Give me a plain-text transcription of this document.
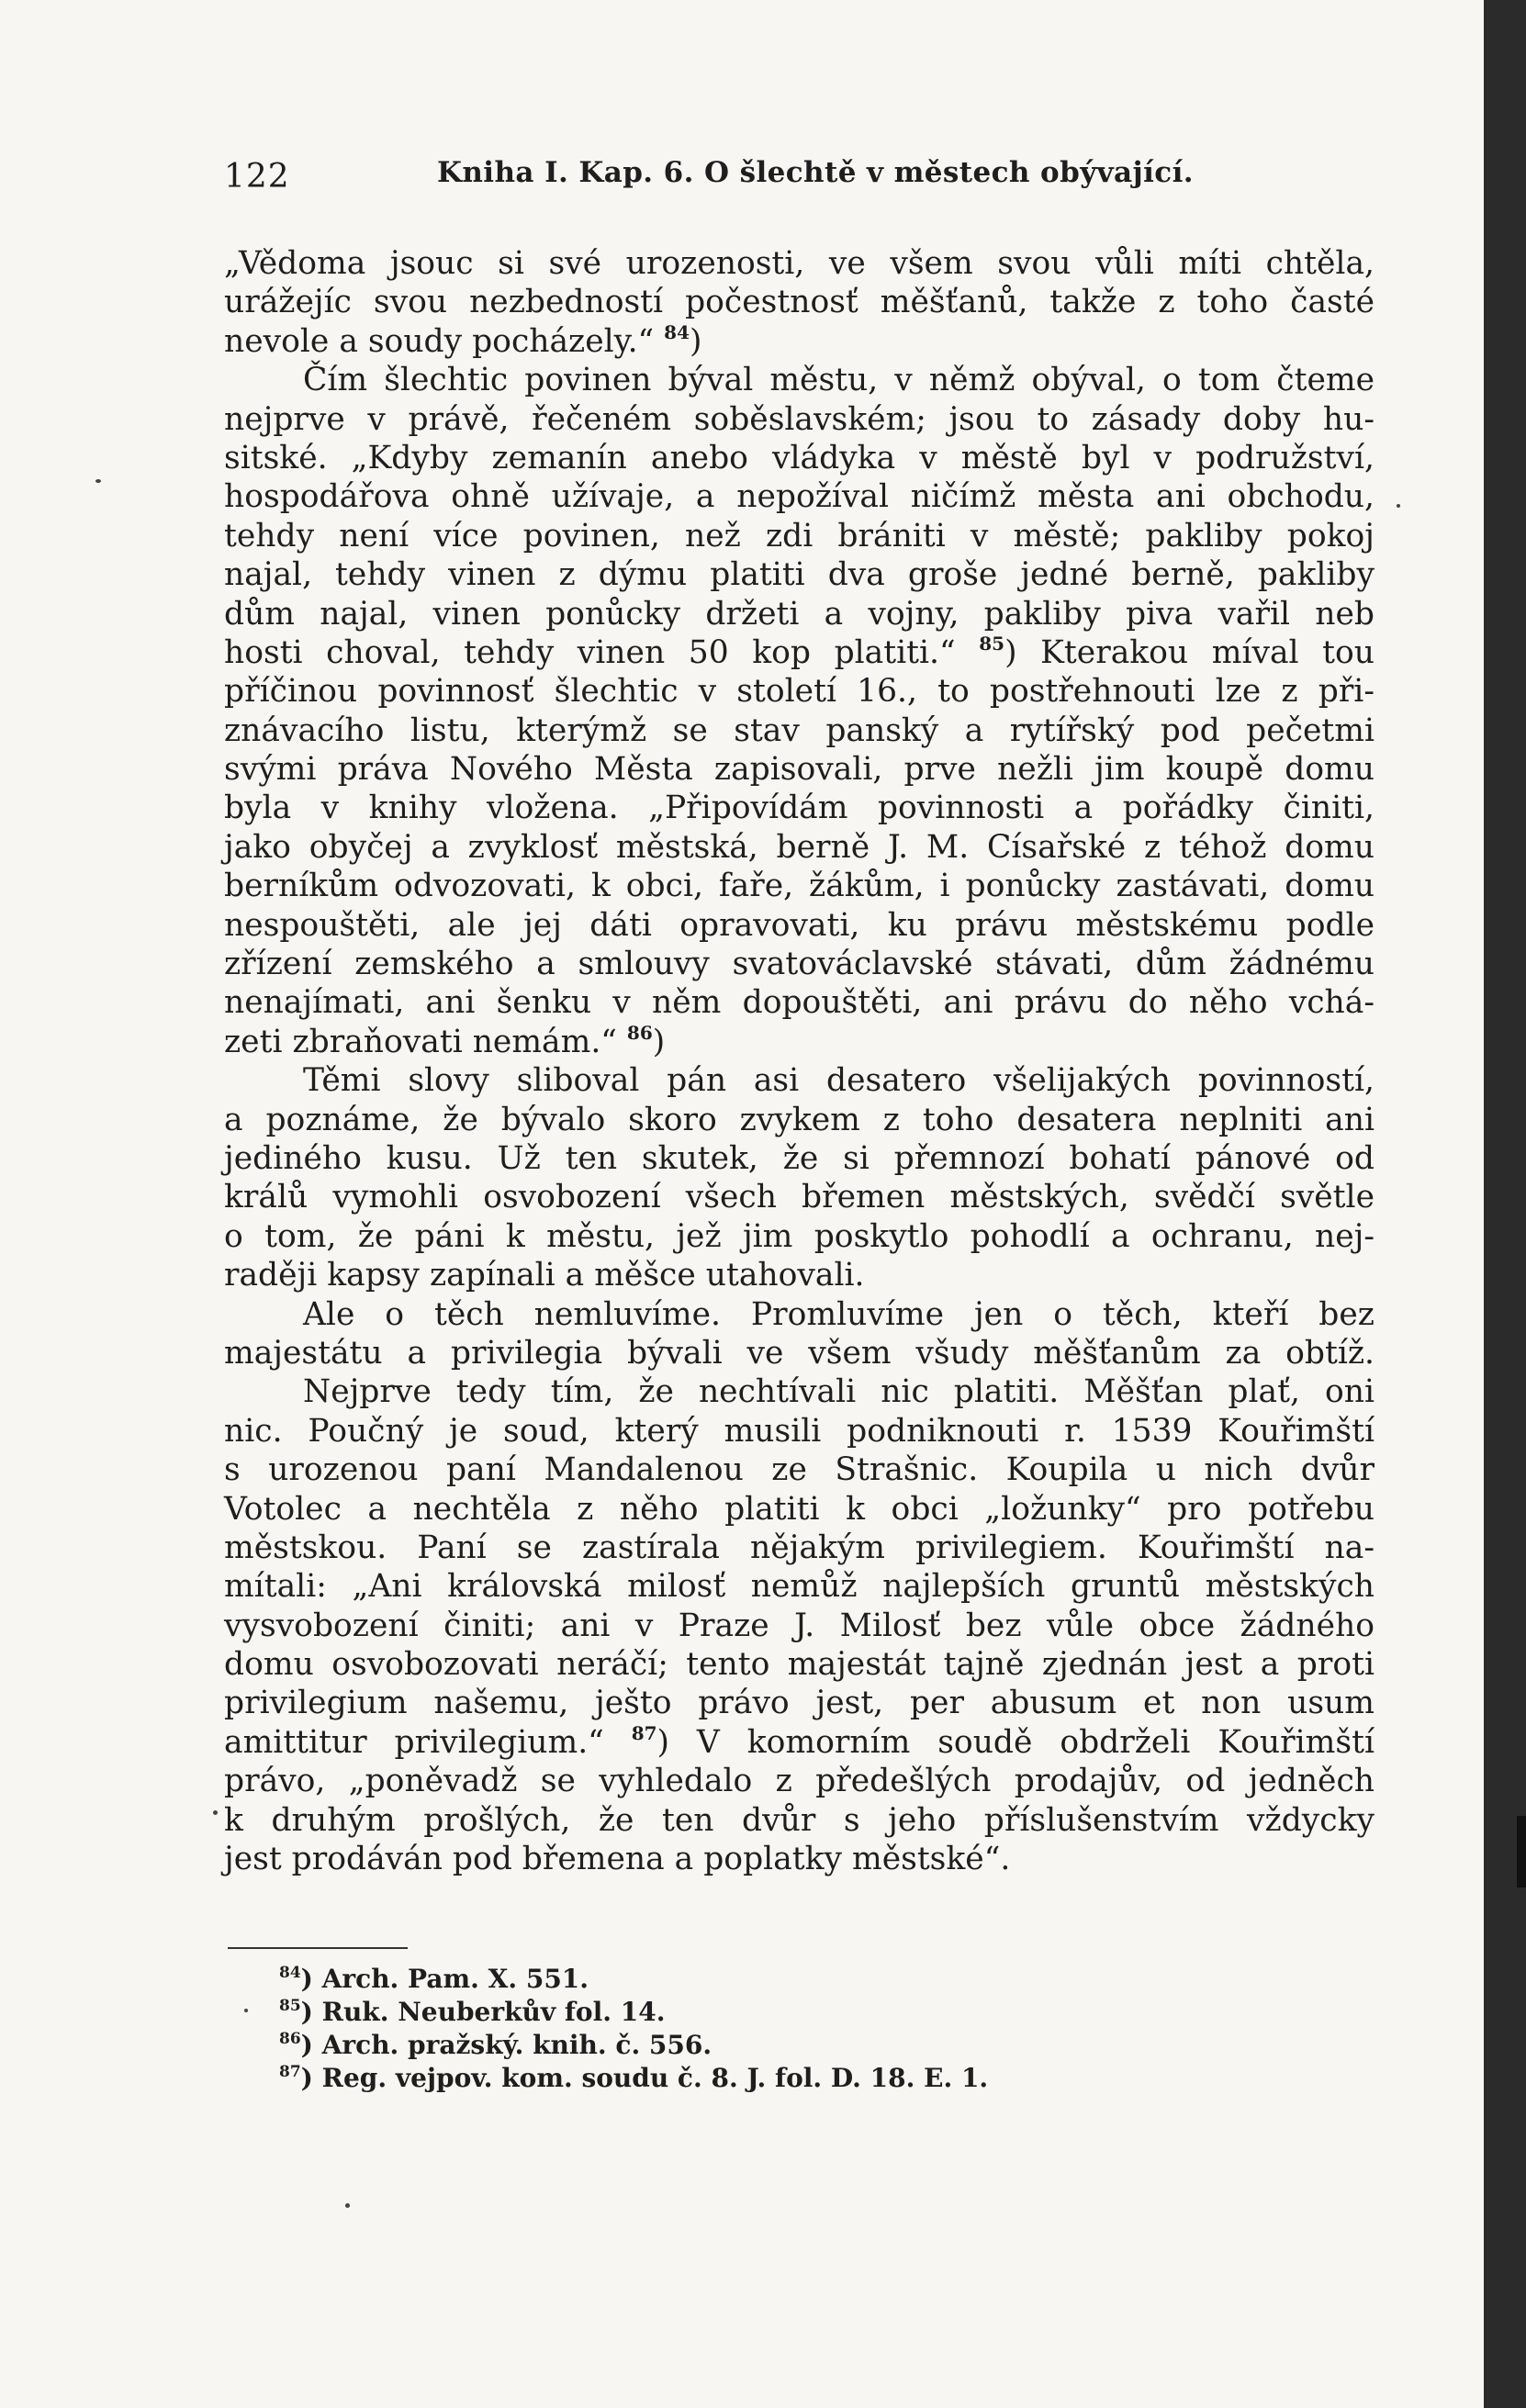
122	Kniha I. Kap. 6. O šlechtě v městech obývající.
„Vědoma jsouc si své urozenosti, ve všem svou vůli míti chtěla,
urážejíc svou nezbedností počestnosť měšťanů, takže z toho časté
nevole a soudy pocházely.“ $^{84}$)
Čím šlechtic povinen býval městu, v němž obýval, o tom čteme
nejprve v právě, řečeném soběslavském; jsou to zásady doby hu-
sitské. „Kdyby zemanín anebo vládyka v městě byl v podružství,
hospodářova ohně užívaje, a nepožíval ničímž města ani obchodu,
tehdy není více povinen, než zdi brániti v městě; pakliby pokoj
najal, tehdy vinen z dýmu platiti dva groše jedné berně, pakliby
dům najal, vinen ponůcky držeti a vojny, pakliby piva vařil neb
hosti choval, tehdy vinen 50 kop platiti.“ $^{85}$) Kterakou míval tou
příčinou povinnosť šlechtic v století 16., to postřehnouti lze z při-
znávacího listu, kterýmž se stav panský a rytířský pod pečetmi
svými práva Nového Města zapisovali, prve nežli jim koupě domu
byla v knihy vložena. „Připovídám povinnosti a pořádky činiti,
jako obyčej a zvyklosť městská, berně J. M. Císařské z téhož domu
berníkům odvozovati, k obci, faře, žákům, i ponůcky zastávati, domu
nespouštěti, ale jej dáti opravovati, ku právu městskému podle
zřízení zemského a smlouvy svatováclavské stávati, dům žádnému
nenajímati, ani šenku v něm dopouštěti, ani právu do něho vchá-
zeti zbraňovati nemám.“ $^{86}$)
Těmi slovy sliboval pán asi desatero všelijakých povinností,
a poznáme, že bývalo skoro zvykem z toho desatera neplniti ani
jediného kusu. Už ten skutek, že si přemnozí bohatí pánové od
králů vymohli osvobození všech břemen městských, svědčí světle
o tom, že páni k městu, jež jim poskytlo pohodlí a ochranu, nej-
raději kapsy zapínali a měšce utahovali.
Ale o těch nemluvíme. Promluvíme jen o těch, kteří bez
majestátu a privilegia bývali ve všem všudy měšťanům za obtíž.
Nejprve tedy tím, že nechtívali nic platiti. Měšťan plať, oni
nic. Poučný je soud, který musili podniknouti r. 1539 Kouřimští
s urozenou paní Mandalenou ze Strašnic. Koupila u nich dvůr
Votolec a nechtěla z něho platiti k obci „ložunky“ pro potřebu
městskou. Paní se zastírala nějakým privilegiem. Kouřimští na-
mítali: „Ani královská milosť nemůž najlepších gruntů městských
vysvobození činiti; ani v Praze J. Milosť bez vůle obce žádného
domu osvobozovati neráčí; tento majestát tajně zjednán jest a proti
privilegium našemu, ješto právo jest, per abusum et non usum
amittitur privilegium.“ $^{87}$) V komorním soudě obdrželi Kouřimští
právo, „poněvadž se vyhledalo z předešlých prodajův, od jedněch
k druhým prošlých, že ten dvůr s jeho příslušenstvím vždycky
jest prodáván pod břemena a poplatky městské“.
$^{84}$) Arch. Pam. X. 551.
$^{85}$) Ruk. Neuberkův fol. 14.
$^{86}$) Arch. pražský. knih. č. 556.
$^{87}$) Reg. vejpov. kom. soudu č. 8. J. fol. D. 18. E. 1.
